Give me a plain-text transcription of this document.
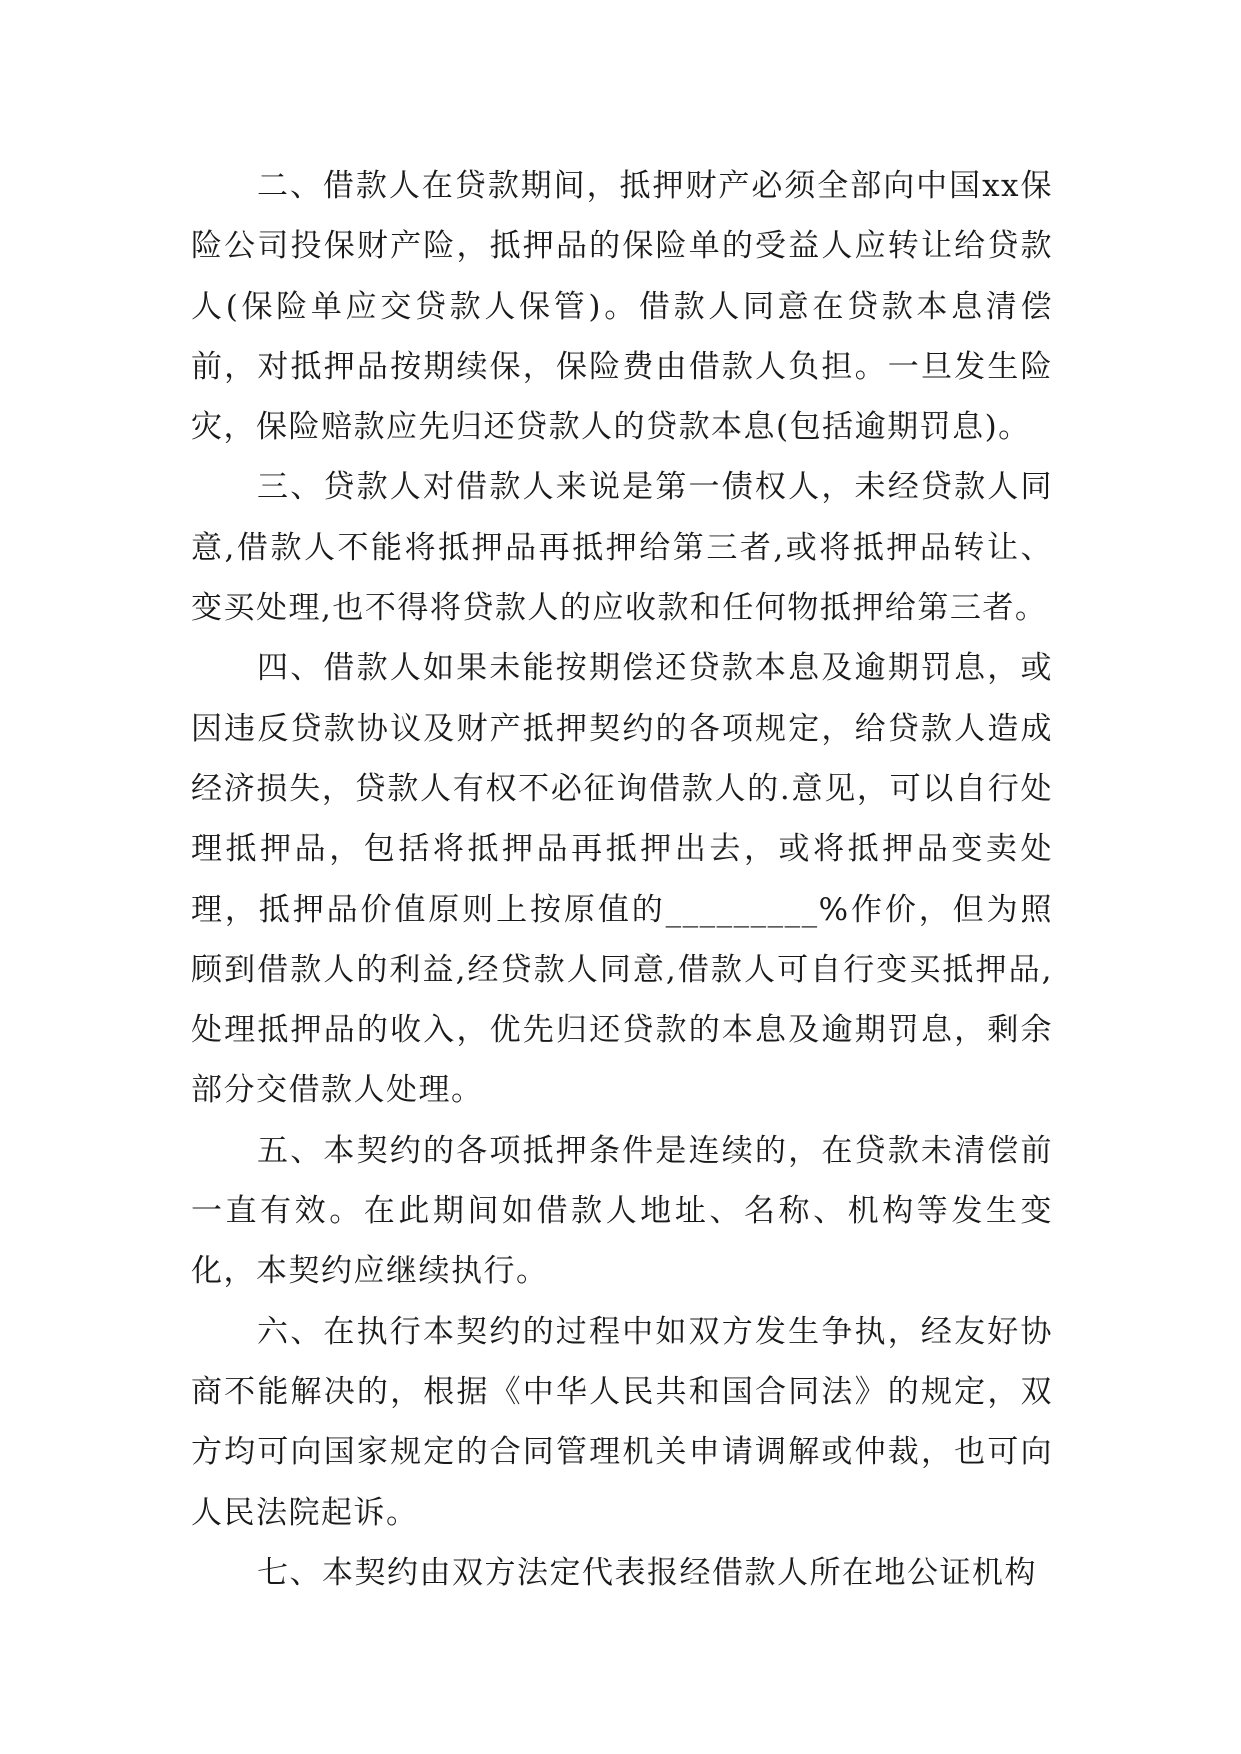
二、借款人在贷款期间，抵押财产必须全部向中国xx保险公司投保财产险，抵押品的保险单的受益人应转让给贷款人(保险单应交贷款人保管)。借款人同意在贷款本息清偿前，对抵押品按期续保，保险费由借款人负担。一旦发生险灾，保险赔款应先归还贷款人的贷款本息(包括逾期罚息)。

三、贷款人对借款人来说是第一债权人，未经贷款人同意,借款人不能将抵押品再抵押给第三者,或将抵押品转让、变买处理,也不得将贷款人的应收款和任何物抵押给第三者。

四、借款人如果未能按期偿还贷款本息及逾期罚息，或因违反贷款协议及财产抵押契约的各项规定，给贷款人造成经济损失，贷款人有权不必征询借款人的.意见，可以自行处理抵押品，包括将抵押品再抵押出去，或将抵押品变卖处理，抵押品价值原则上按原值的_________%作价，但为照顾到借款人的利益,经贷款人同意,借款人可自行变买抵押品,处理抵押品的收入，优先归还贷款的本息及逾期罚息，剩余部分交借款人处理。

五、本契约的各项抵押条件是连续的，在贷款未清偿前一直有效。在此期间如借款人地址、名称、机构等发生变化，本契约应继续执行。

六、在执行本契约的过程中如双方发生争执，经友好协商不能解决的，根据《中华人民共和国合同法》的规定，双方均可向国家规定的合同管理机关申请调解或仲裁，也可向人民法院起诉。

七、本契约由双方法定代表报经借款人所在地公证机构
